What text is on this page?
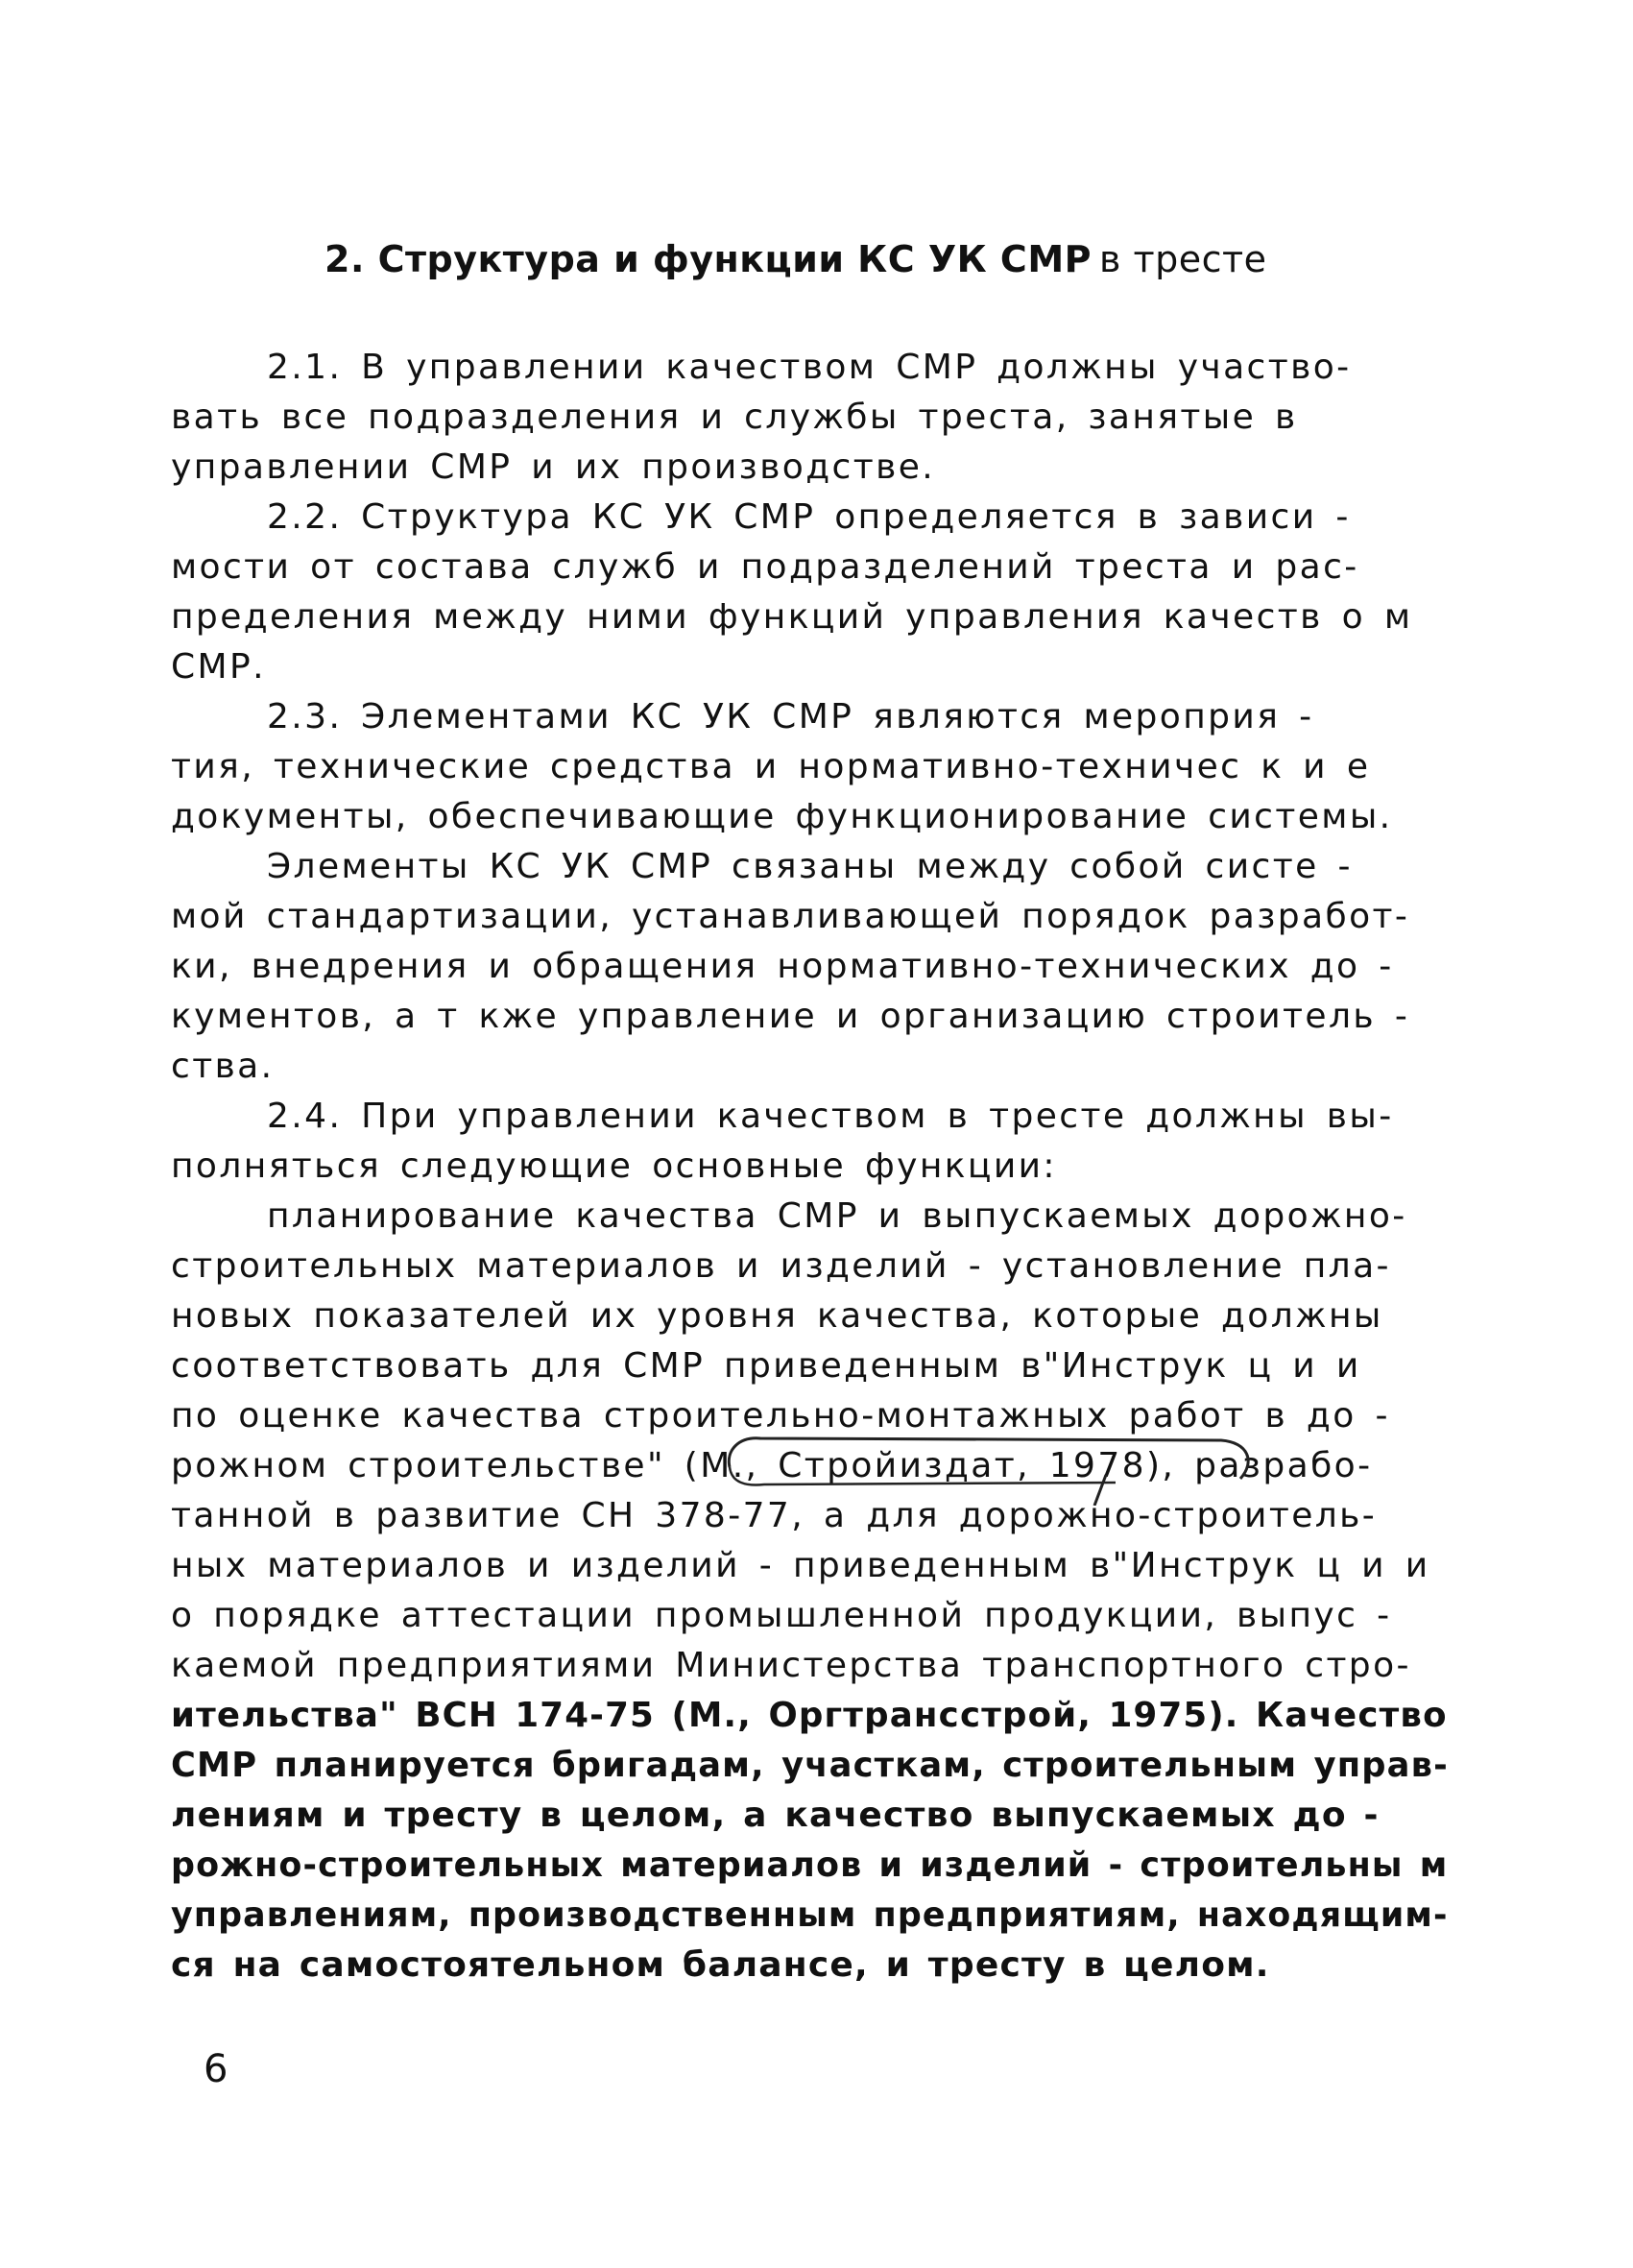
2. Структура и функции КС УК СМР в тресте
2.1. В управлении качеством СМР должны участво-
вать все подразделения и службы треста, занятые в
управлении СМР и их производстве.
2.2. Структура КС УК СМР определяется в зависи -
мости от состава служб и подразделений треста и рас-
пределения между ними функций управления качеств о м
СМР.
2.3. Элементами КС УК СМР являются мероприя -
тия, технические средства и нормативно-техничес к и е
документы, обеспечивающие функционирование системы.
Элементы КС УК СМР связаны между собой систе -
мой стандартизации, устанавливающей порядок разработ-
ки, внедрения и обращения нормативно-технических до -
кументов, а т кже управление и организацию строитель -
ства.
2.4. При управлении качеством в тресте должны вы-
полняться следующие основные функции:
планирование качества СМР и выпускаемых дорожно-
строительных материалов и изделий - установление пла-
новых показателей их уровня качества, которые должны
соответствовать для СМР приведенным в"Инструк ц и и
по оценке качества строительно-монтажных работ в до -
рожном строительстве" (М., Стройиздат, 1978), разрабо-
танной в развитие СН 378-77, а для дорожно-строитель-
ных материалов и изделий - приведенным в"Инструк ц и и
о порядке аттестации промышленной продукции, выпус -
каемой предприятиями Министерства транспортного стро-
ительства" ВСН 174-75 (М., Оргтрансстрой, 1975). Качество
СМР планируется бригадам, участкам, строительным управ-
лениям и тресту в целом, а качество выпускаемых до -
рожно-строительных материалов и изделий - строительны м
управлениям, производственным предприятиям, находящим-
ся на самостоятельном балансе, и тресту в целом.
6
